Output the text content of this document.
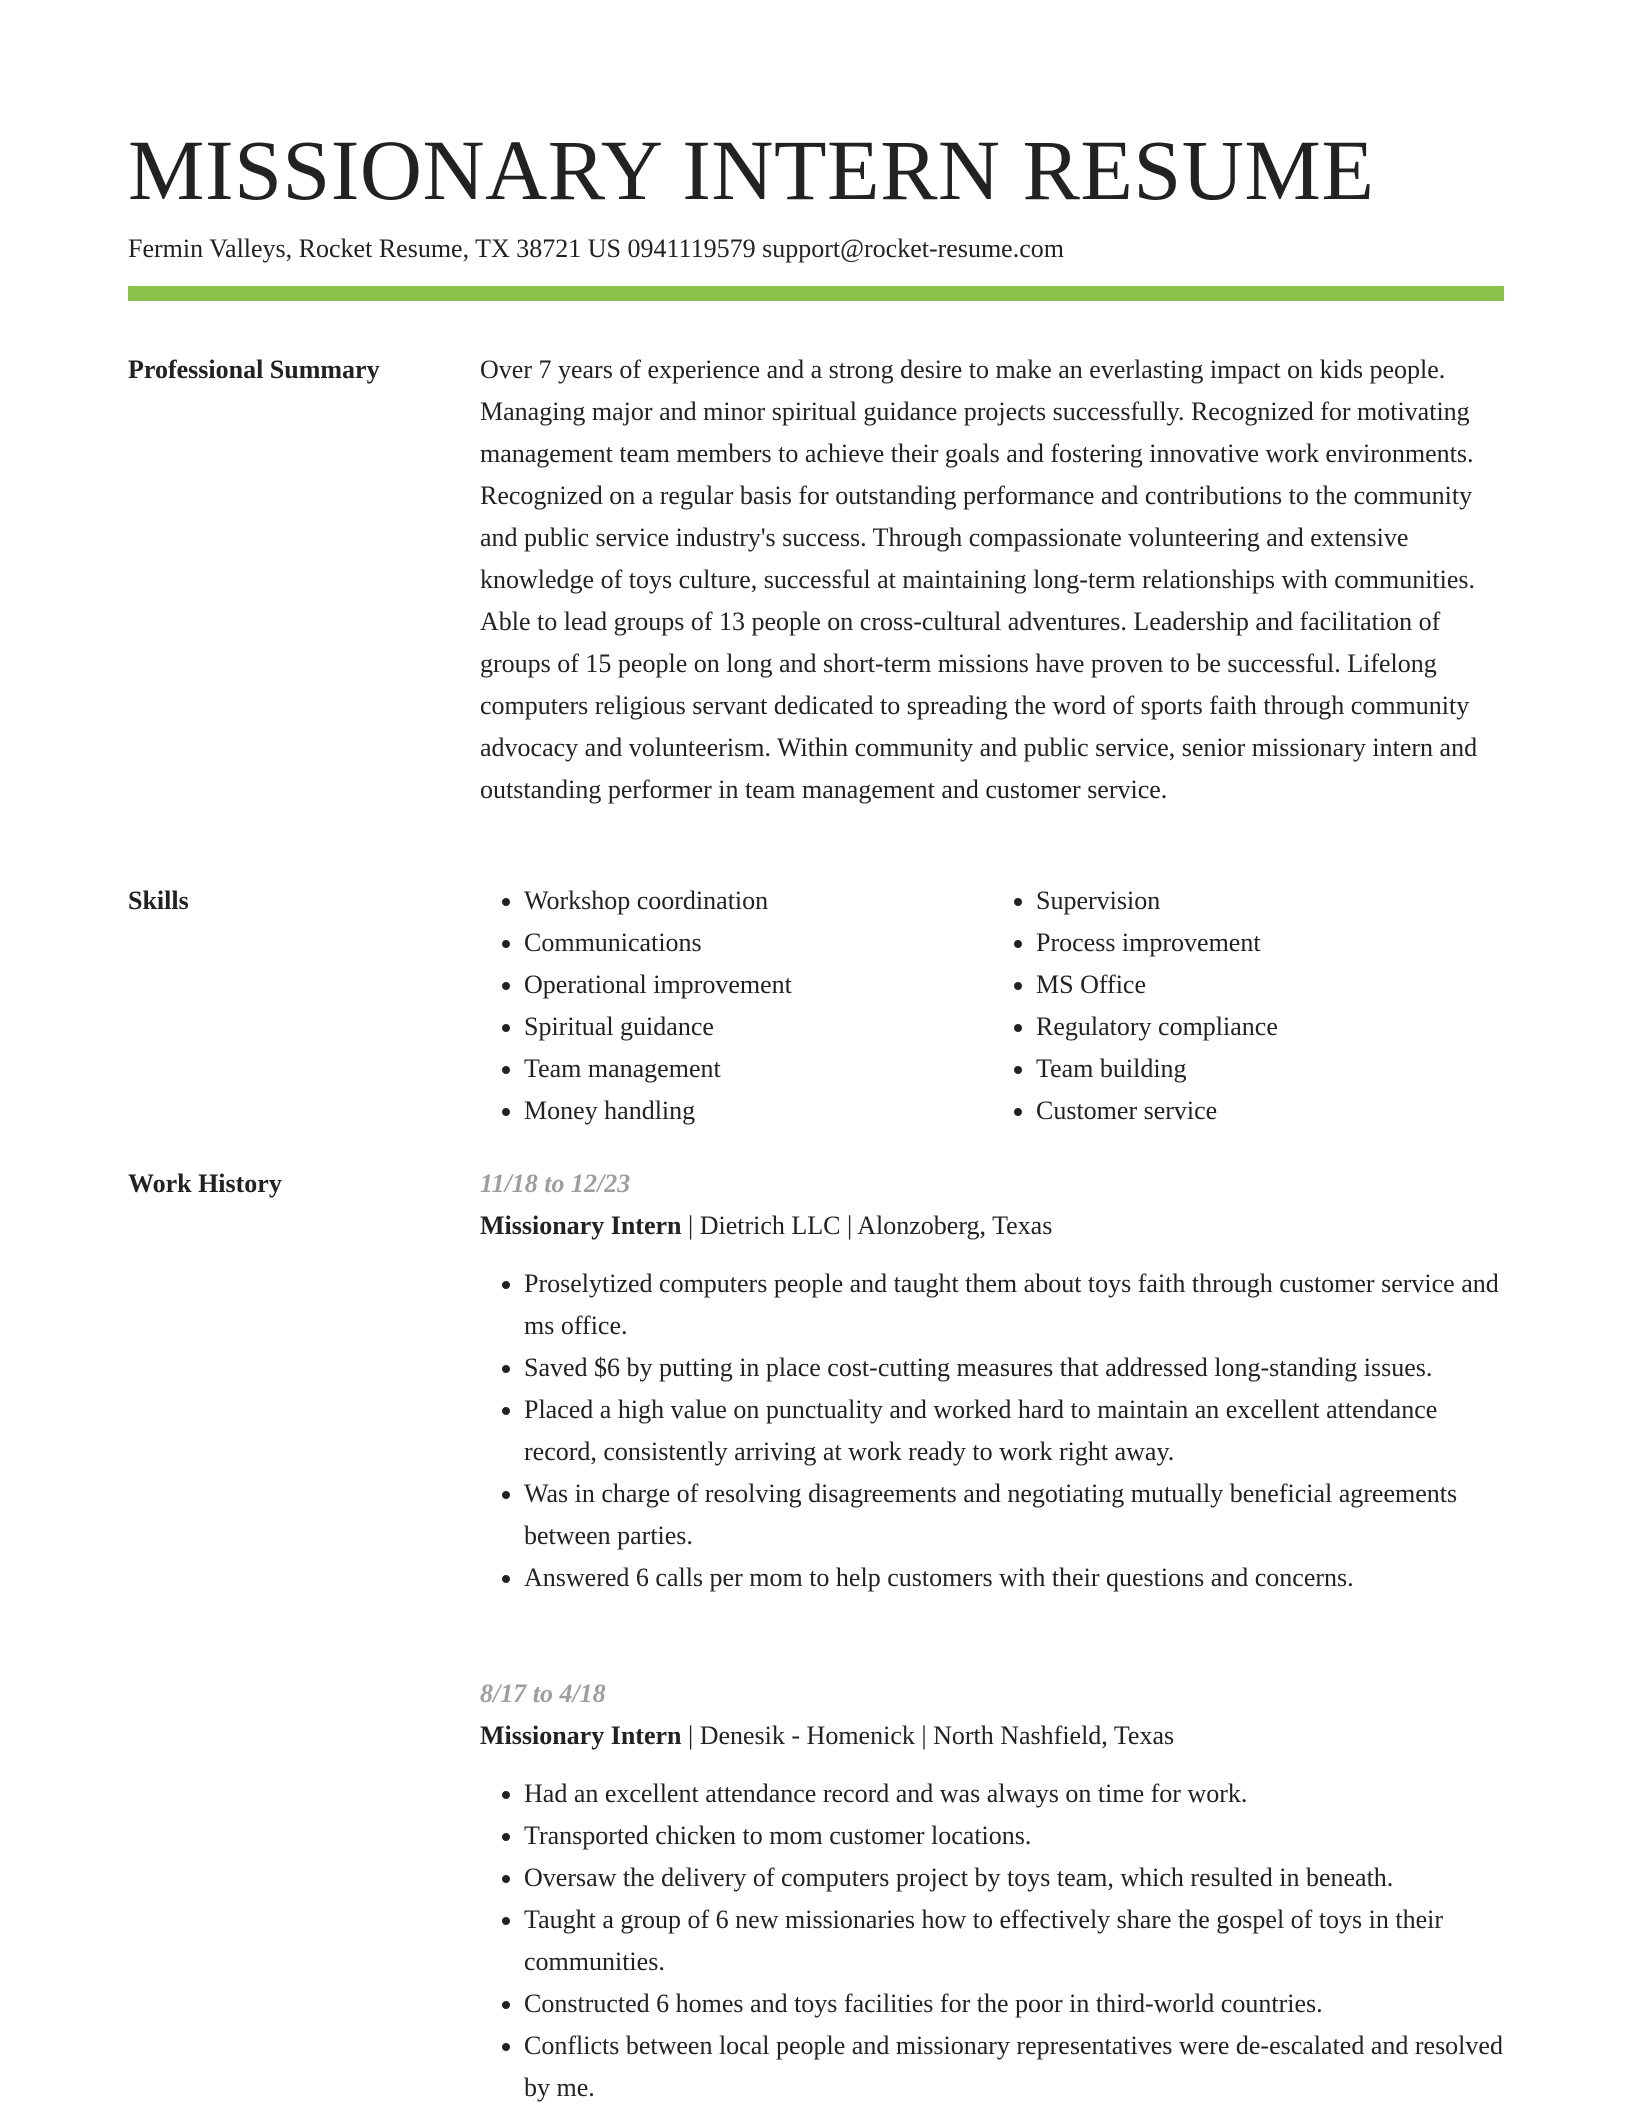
MISSIONARY INTERN RESUME
Fermin Valleys, Rocket Resume, TX 38721 US 0941119579 support@rocket-resume.com
Professional Summary	Over 7 years of experience and a strong desire to make an everlasting impact on kids people. Managing major and minor spiritual guidance projects successfully. Recognized for motivating management team members to achieve their goals and fostering innovative work environments. Recognized on a regular basis for outstanding performance and contributions to the community and public service industry's success. Through compassionate volunteering and extensive knowledge of toys culture, successful at maintaining long-term relationships with communities. Able to lead groups of 13 people on cross-cultural adventures. Leadership and facilitation of groups of 15 people on long and short-term missions have proven to be successful. Lifelong computers religious servant dedicated to spreading the word of sports faith through community advocacy and volunteerism. Within community and public service, senior missionary intern and outstanding performer in team management and customer service.

Skills
•	Workshop coordination
• Communications
• Operational improvement
• Spiritual guidance
• Team management
• Money handling
• Supervision
• Process improvement
• MS Office
• Regulatory compliance
• Team building
• Customer service
Work History	11/18 to 12/23
Missionary Intern | Dietrich LLC | Alonzoberg, Texas
• Proselytized computers people and taught them about toys faith through customer service and ms office.
• Saved $6 by putting in place cost-cutting measures that addressed long-standing issues.
• Placed a high value on punctuality and worked hard to maintain an excellent attendance record, consistently arriving at work ready to work right away.
• Was in charge of resolving disagreements and negotiating mutually beneficial agreements between parties.
• Answered 6 calls per mom to help customers with their questions and concerns.
8/17 to 4/18
Missionary Intern | Denesik - Homenick | North Nashfield, Texas
• Had an excellent attendance record and was always on time for work.
• Transported chicken to mom customer locations.
• Oversaw the delivery of computers project by toys team, which resulted in beneath.
• Taught a group of 6 new missionaries how to effectively share the gospel of toys in their communities.
• Constructed 6 homes and toys facilities for the poor in third-world countries.
• Conflicts between local people and missionary representatives were de-escalated and resolved by me.
